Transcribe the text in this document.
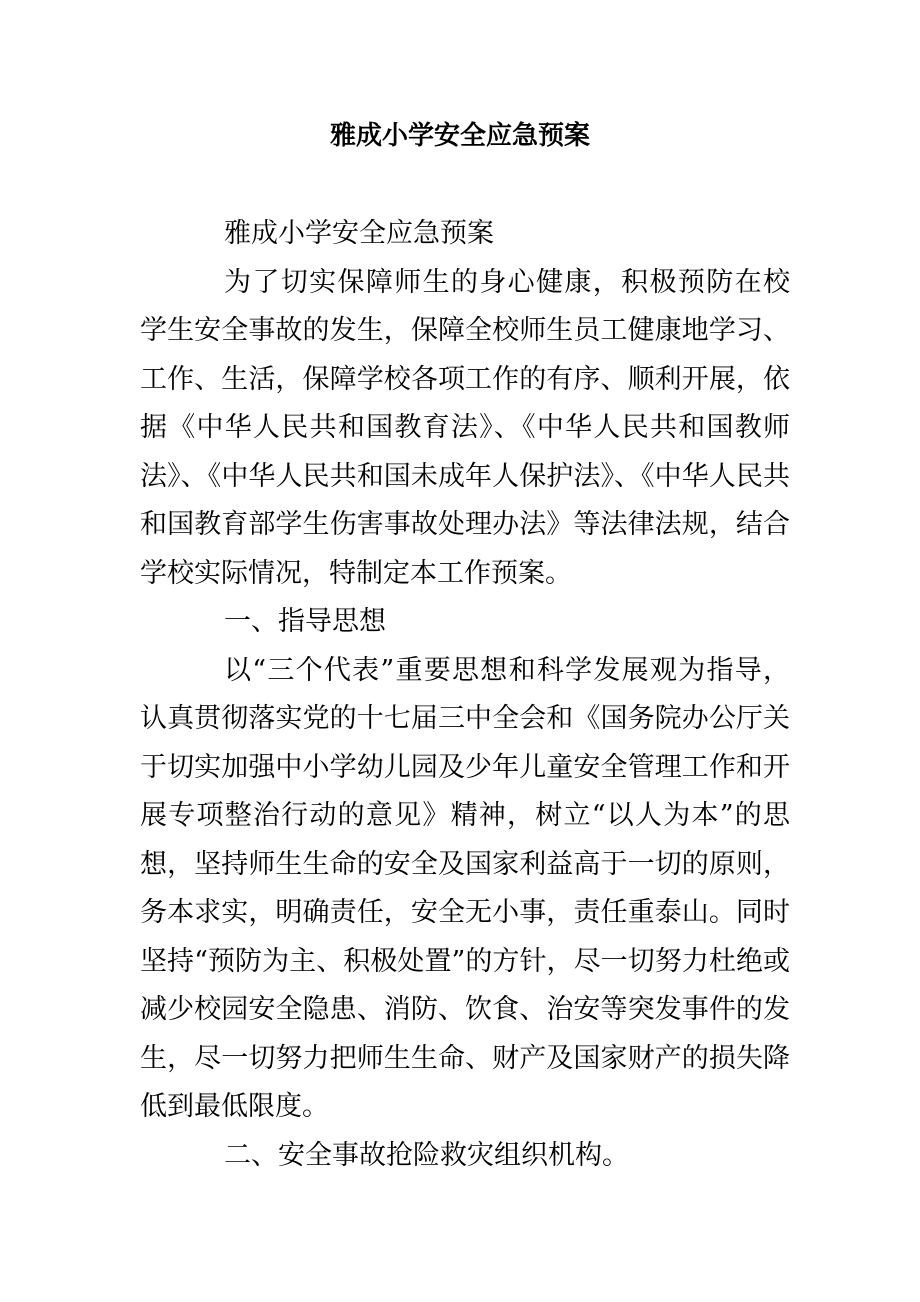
雅成小学安全应急预案

雅成小学安全应急预案

为了切实保障师生的身心健康，积极预防在校学生安全事故的发生，保障全校师生员工健康地学习、工作、生活，保障学校各项工作的有序、顺利开展，依据《中华人民共和国教育法》、《中华人民共和国教师法》、《中华人民共和国未成年人保护法》、《中华人民共和国教育部学生伤害事故处理办法》等法律法规，结合学校实际情况，特制定本工作预案。

一、指导思想

以“三个代表”重要思想和科学发展观为指导，认真贯彻落实党的十七届三中全会和《国务院办公厅关于切实加强中小学幼儿园及少年儿童安全管理工作和开展专项整治行动的意见》精神，树立“以人为本”的思想，坚持师生生命的安全及国家利益高于一切的原则，务本求实，明确责任，安全无小事，责任重泰山。同时坚持“预防为主、积极处置”的方针，尽一切努力杜绝或减少校园安全隐患、消防、饮食、治安等突发事件的发生，尽一切努力把师生生命、财产及国家财产的损失降低到最低限度。

二、安全事故抢险救灾组织机构。
